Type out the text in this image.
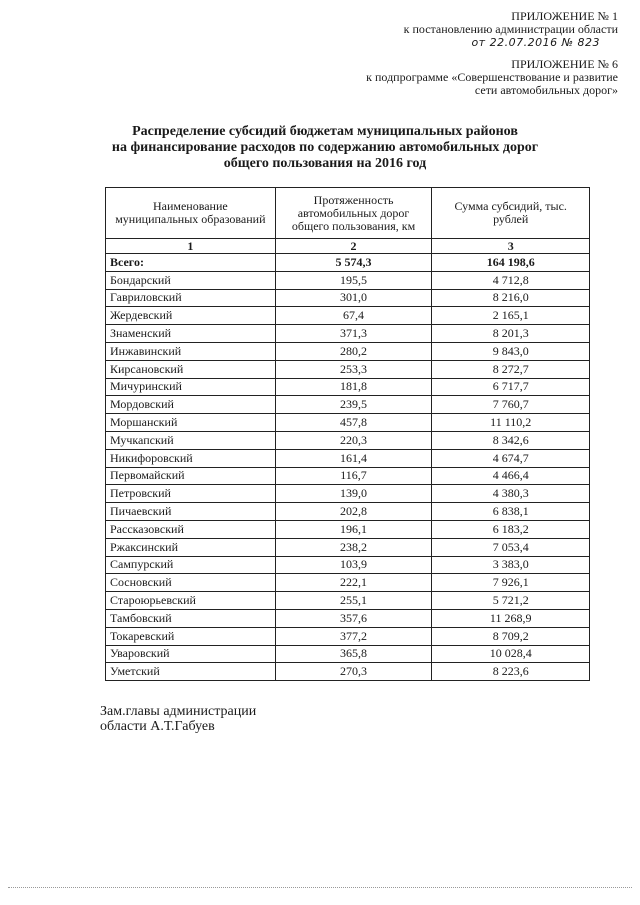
ПРИЛОЖЕНИЕ № 1
к постановлению администрации области
от 22.07.2016 № 823
ПРИЛОЖЕНИЕ № 6
к подпрограмме «Совершенствование и развитие
сети автомобильных дорог»
Распределение субсидий бюджетам муниципальных районов
на финансирование расходов по содержанию автомобильных дорог
общего пользования на 2016 год
Наименование муниципальных образований	Протяженность автомобильных дорог общего пользования, км	Сумма субсидий, тыс. рублей
1	2	3
Всего:	5 574,3	164 198,6
Бондарский	195,5	4 712,8
Гавриловский	301,0	8 216,0
Жердевский	67,4	2 165,1
Знаменский	371,3	8 201,3
Инжавинский	280,2	9 843,0
Кирсановский	253,3	8 272,7
Мичуринский	181,8	6 717,7
Мордовский	239,5	7 760,7
Моршанский	457,8	11 110,2
Мучкапский	220,3	8 342,6
Никифоровский	161,4	4 674,7
Первомайский	116,7	4 466,4
Петровский	139,0	4 380,3
Пичаевский	202,8	6 838,1
Рассказовский	196,1	6 183,2
Ржаксинский	238,2	7 053,4
Сампурский	103,9	3 383,0
Сосновский	222,1	7 926,1
Староюрьевский	255,1	5 721,2
Тамбовский	357,6	11 268,9
Токаревский	377,2	8 709,2
Уваровский	365,8	10 028,4
Уметский	270,3	8 223,6
Зам.главы администрации
области А.Т.Габуев
